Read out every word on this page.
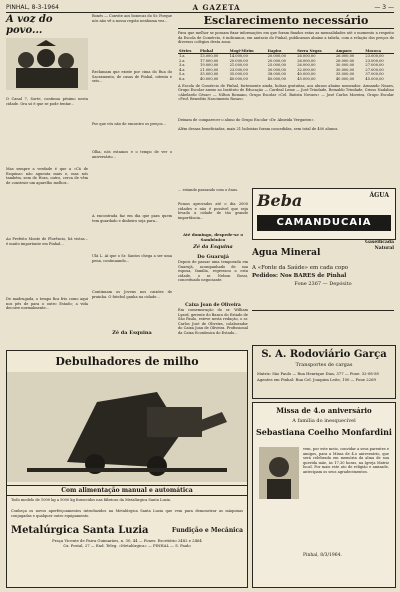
PINHAL, 8-3-1964	A GAZETA	— 3 —
A voz do povo...
O Canal 7, Sorte, continua pésimo nesta cidade. Ora só é que se pode tentar...
Mas sempre a verdade é que a «Cá de Esquina» não aguenta mais e, mas nós também, sem de Hora, outro, cerca de vêm de construir um aparelho melhor...
Ao Prefeito Monte de Florêncio, há vistas... é muito importante em Pinhal...
De madrugada, o tempo fica frio como aqui nos pés de para o outro Estado; a vida decorre normalmente...
Bonés — Convite aos bonecas do Sr. Porque nós não vê a nossa região nenhuma vez...
Reclamam que existe por cima do Rua do Sacramento, de casas de Pinhal, oitenta e seis...
Por que vós não de encontro os preços...
Olha, nós estamos e o tempo de ver o aniversário...
A encontrada faz em dia que para quem tem guardado e dinheiro seja para...
Ulá L. Aí que o Sr. Santos chega a ser uma pena, continuando...
Continuam os Jovens nos caixões de prainha. O futebol ganha na cidade...
Zé da Esquina
Esclarecimento necessário
Para que melhor se possam fixar informações em que foram fixados estas as mensalidades até o momento a respeito da Escola de Comércio, é indicamos, em anúncio do Pinhal, publicamos abaixo a tabela, com a relação dos preços de diversos colégios desta zona:
Séries	Pinhal	Mogi-Mirim	Itapira	Serra Negra	Amparo	Mococa
1.a	13.000,00	14.000,00	20.000,00	26.000,00	26.000,00	23.000,00
2.a	17.000,00	20.000,00	20.000,00	26.000,00	26.000,00	23.000,00
3.a	19.000,00	21.000,00	25.000,00	26.000,00	30.000,00	27.000,00
4.a	21.000,00	23.000,00	30.000,00	32.000,00	30.000,00	27.000,00
5.a	35.000,00	35.000,00	38.000,00	40.000,00	35.000,00	37.000,00
6.a	40.000,00	40.000,00	40.000,00	45.000,00	40.000,00	45.000,00
A Escola de Comércio de Pinhal, fortemente ainda, bolsas gratuitas, aos alunos abaixo nomeados: Armando Nunes, Grupo Escolar anexo ao Instituto de Educação — Cardeal Leme — José Trindade, Reinaldo Trindade, Crisso Nadalino «Abelardo César» — Nilton Romano, Grupo Escolar «Cel. Batista Novaes» — José Carlos Moreira, Grupo Escolar «Prof. Benedito Nascimento Rosas».
Deixam de comparecer o aluno do Grupo Escolar «Dr. Almeida Vergueiro».
Além dessas beneficiadas, mais 21 bolsistas foram concedidas, sem total de 400 alunos.
... estando passando com o ônus.
Fomos aprovados até o dia 2000 cidades e não é possível que seja levado a cidade de tão grande importância...
Até domingo, despede-se o Sambônico
Zé da Esquina
Do Guarujá
Depois de passar uma temporada em Guarujá, acompanhado de sua esposa, familia, regressou a esta cidade, o sr. Nelson Rossi, conceituado negociante.
Caixa Joan de Oliveira
Em comemoração do sr. William Lyard, gerente do Banco do Estado de São Paulo, esteve nesta redação, o sr. Carlos José de Oliveira, colaborador do Caixa Joan de Oliveira. Profissional da Caixa Econômica do Estado...
Beba	ÁGUA
CAMANDUCAIA
Agua Mineral
Gaseificada Natural
A «Fonte da Saúde» em cada copo
Pedidos: Nos BARES de Pinhal
Fone 2367 — Depósito
Debulhadores de milho
Com alimentação manual e automática
Todo modelo de 1000 kg a 5000 kg fornecidos nas fábricas da Metalúrgica Santa Luzia.
Conheça os novos aperfeiçoamentos introduzidos na Metalúrgica Santa Luzia que vem para demonstrar as máquinas conjugadas e qualquer outro equipamento.
Metalúrgica Santa Luzia	Fundição e Mecânica
Praça Vicente de Paiva Guimarães, n. 30, 44 — Fones: Escritório 2482 e 2464
Cx. Postal, 27 — End. Teleg. «Metalúrgica» — PINHAL — S. Paulo
S. A. Rodoviário Garça
Transportes de cargas
Matriz: São Paulo — Rua Henrique Dias, 377 — Fone: 32-08-58
Agentes em Pinhal: Rua Cel. Joaquim Leite, 100 — Fone 2269
Missa de 4.o aniversário
A família do inesquecível
Sebastiana Coelho Monfardini
vem, por este meio, convidar a seus parentes e amigos, para a Missa de 4.o aniversário, que será celebrada em memória da alma de sua querida mãe, às 17,30 horas, na Igreja Matriz local. Por mais este ato de religião e amizade, antecipam os seus agradecimentos.
Pinhal, 8/3/1964.
